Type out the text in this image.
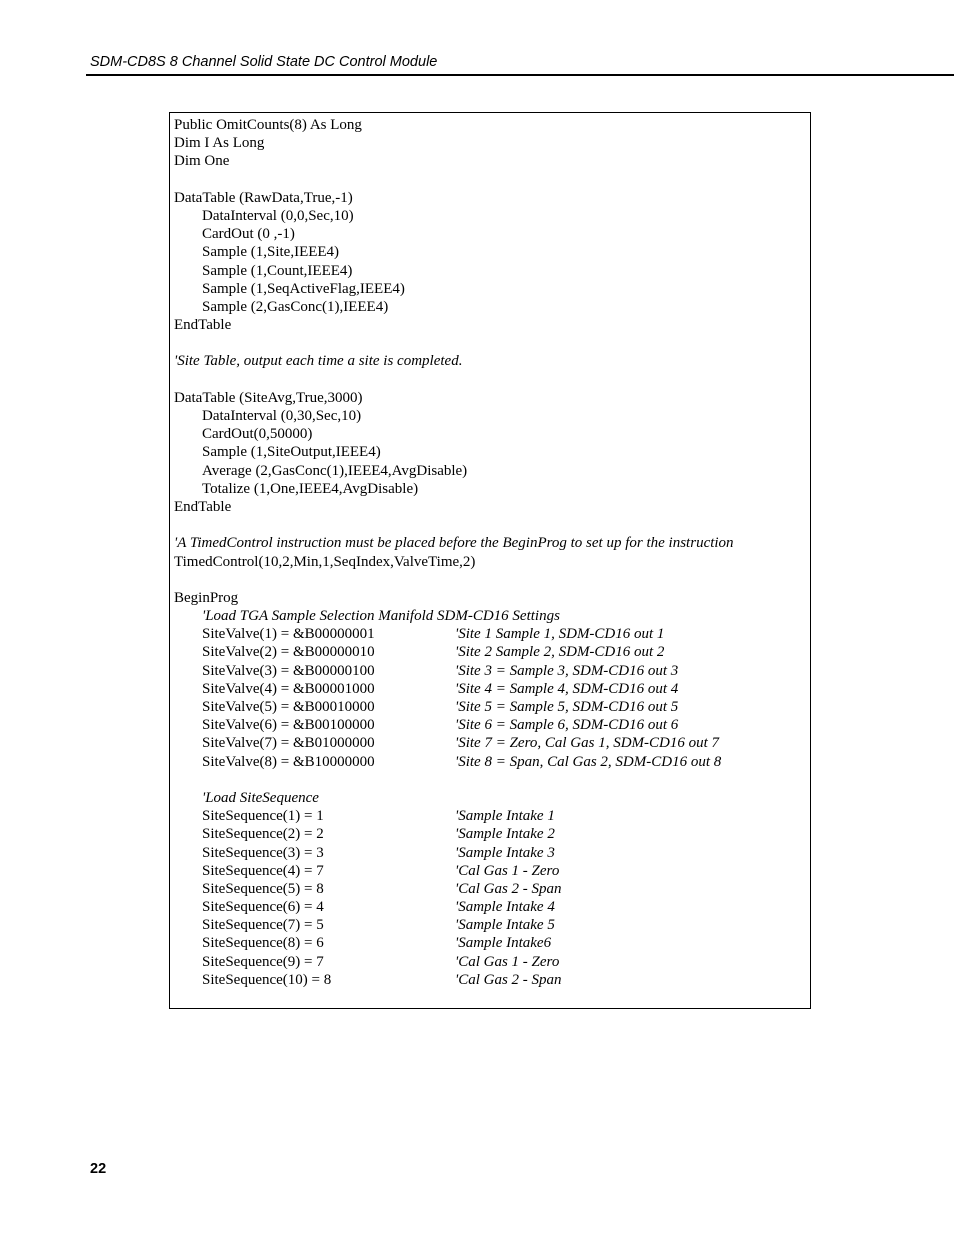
SDM-CD8S 8 Channel Solid State DC Control Module
Public OmitCounts(8) As Long
Dim I As Long
Dim One
DataTable (RawData,True,-1)
DataInterval (0,0,Sec,10)
CardOut (0 ,-1)
Sample (1,Site,IEEE4)
Sample (1,Count,IEEE4)
Sample (1,SeqActiveFlag,IEEE4)
Sample (2,GasConc(1),IEEE4)
EndTable
'Site Table, output each time a site is completed.
DataTable (SiteAvg,True,3000)
DataInterval (0,30,Sec,10)
CardOut(0,50000)
Sample (1,SiteOutput,IEEE4)
Average (2,GasConc(1),IEEE4,AvgDisable)
Totalize (1,One,IEEE4,AvgDisable)
EndTable
'A TimedControl instruction must be placed before the BeginProg to set up for the instruction
TimedControl(10,2,Min,1,SeqIndex,ValveTime,2)
BeginProg
'Load TGA Sample Selection Manifold SDM-CD16 Settings
SiteValve(1) = &B00000001	'Site 1 Sample 1, SDM-CD16 out 1
SiteValve(2) = &B00000010	'Site 2 Sample 2, SDM-CD16 out 2
SiteValve(3) = &B00000100	'Site 3 = Sample 3, SDM-CD16 out 3
SiteValve(4) = &B00001000	'Site 4 = Sample 4, SDM-CD16 out 4
SiteValve(5) = &B00010000	'Site 5 = Sample 5, SDM-CD16 out 5
SiteValve(6) = &B00100000	'Site 6 = Sample 6, SDM-CD16 out 6
SiteValve(7) = &B01000000	'Site 7 = Zero, Cal Gas 1, SDM-CD16 out 7
SiteValve(8) = &B10000000	'Site 8 = Span, Cal Gas 2, SDM-CD16 out 8
'Load SiteSequence
SiteSequence(1) = 1	'Sample Intake 1
SiteSequence(2) = 2	'Sample Intake 2
SiteSequence(3) = 3	'Sample Intake 3
SiteSequence(4) = 7	'Cal Gas 1 - Zero
SiteSequence(5) = 8	'Cal Gas 2 - Span
SiteSequence(6) = 4	'Sample Intake 4
SiteSequence(7) = 5	'Sample Intake 5
SiteSequence(8) = 6	'Sample Intake6
SiteSequence(9) = 7	'Cal Gas 1 - Zero
SiteSequence(10) = 8	'Cal Gas 2 - Span
22
